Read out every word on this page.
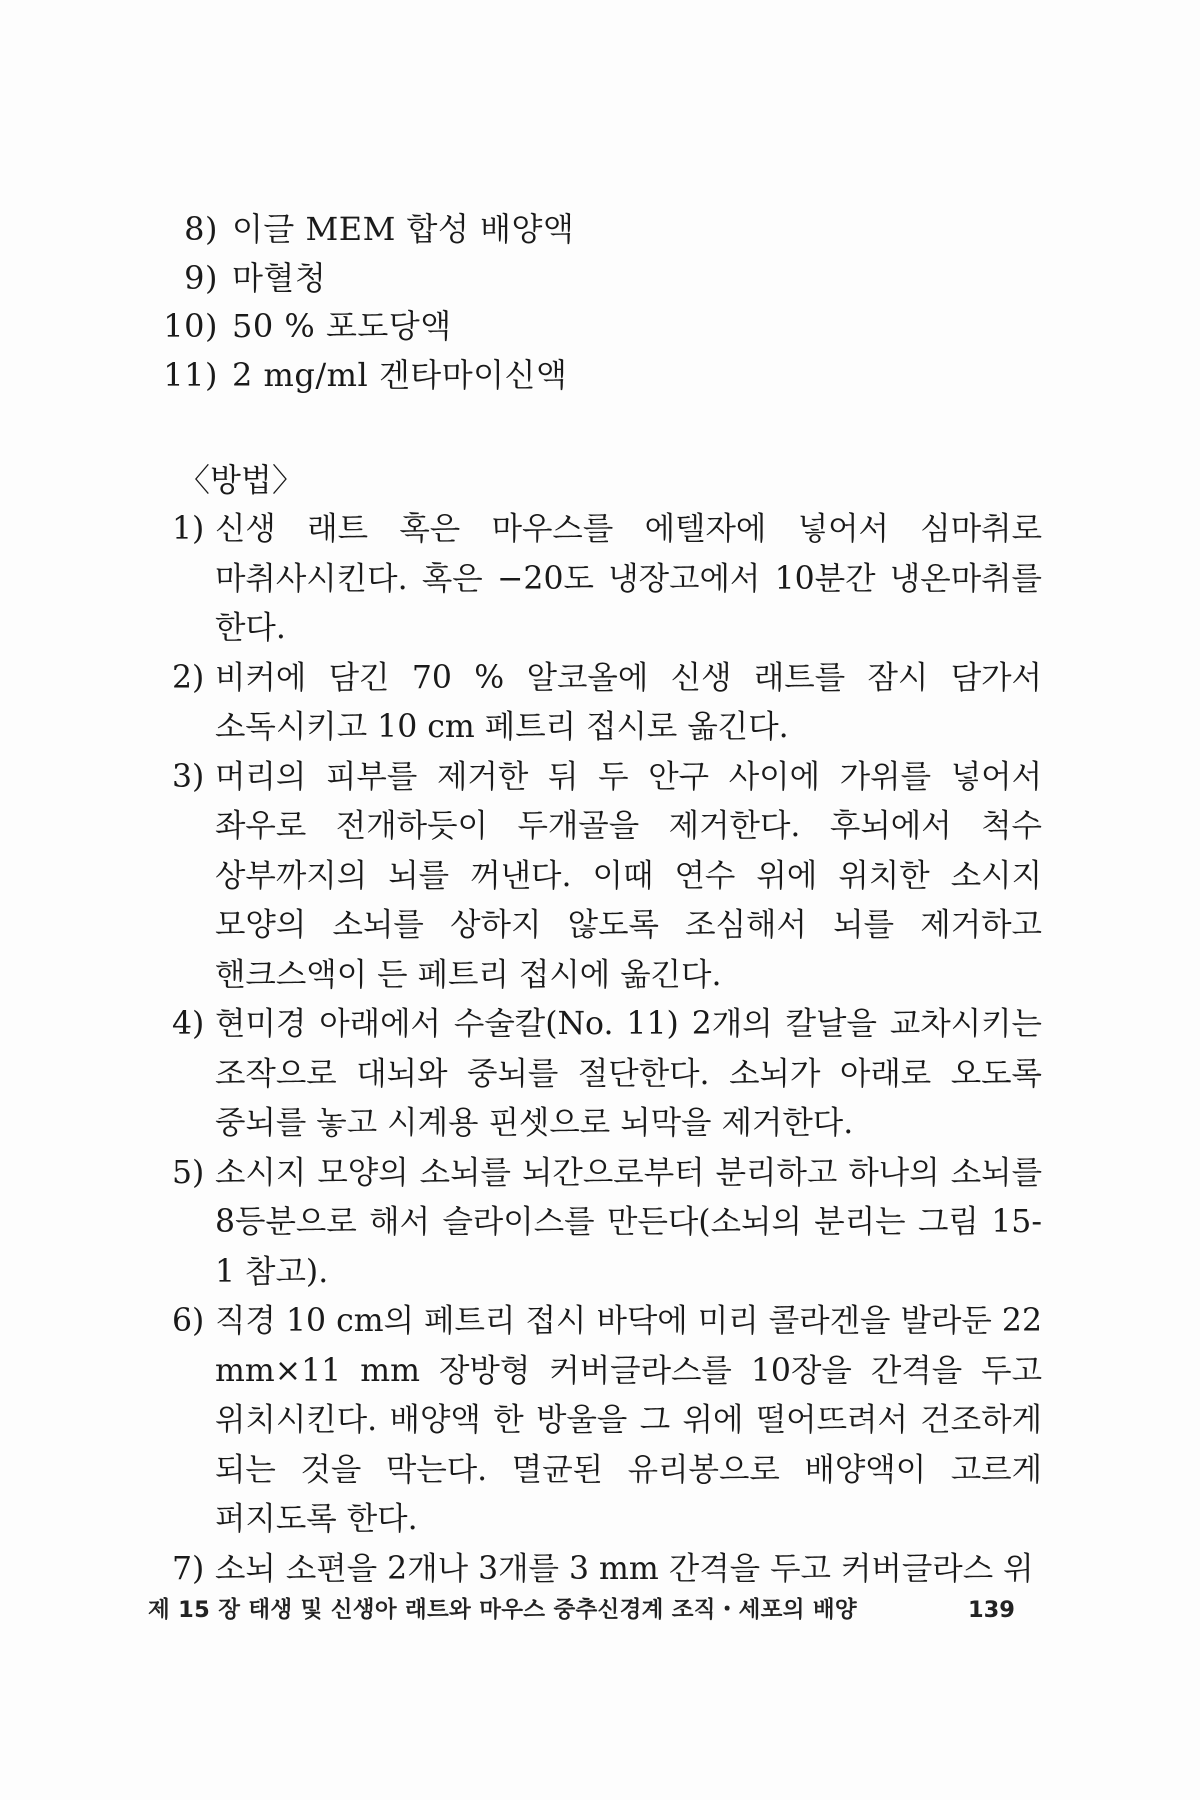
8) 이글 MEM 합성 배양액
9) 마혈청
10) 50 % 포도당액
11) 2 mg/ml 겐타마이신액
〈방법〉
1) 신생 래트 혹은 마우스를 에텔자에 넣어서 심마취로 마취사시킨다. 혹은 −20도 냉장고에서 10분간 냉온마취를 한다.
2) 비커에 담긴 70 % 알코올에 신생 래트를 잠시 담가서 소독시키고 10 cm 페트리 접시로 옮긴다.
3) 머리의 피부를 제거한 뒤 두 안구 사이에 가위를 넣어서 좌우로 전개하듯이 두개골을 제거한다. 후뇌에서 척수 상부까지의 뇌를 꺼낸다. 이때 연수 위에 위치한 소시지 모양의 소뇌를 상하지 않도록 조심해서 뇌를 제거하고 핸크스액이 든 페트리 접시에 옮긴다.
4) 현미경 아래에서 수술칼(No. 11) 2개의 칼날을 교차시키는 조작으로 대뇌와 중뇌를 절단한다. 소뇌가 아래로 오도록 중뇌를 놓고 시계용 핀셋으로 뇌막을 제거한다.
5) 소시지 모양의 소뇌를 뇌간으로부터 분리하고 하나의 소뇌를 8등분으로 해서 슬라이스를 만든다(소뇌의 분리는 그림 15-1 참고).
6) 직경 10 cm의 페트리 접시 바닥에 미리 콜라겐을 발라둔 22 mm×11 mm 장방형 커버글라스를 10장을 간격을 두고 위치시킨다. 배양액 한 방울을 그 위에 떨어뜨려서 건조하게 되는 것을 막는다. 멸균된 유리봉으로 배양액이 고르게 퍼지도록 한다.
7) 소뇌 소편을 2개나 3개를 3 mm 간격을 두고 커버글라스 위
제 15 장 태생 및 신생아 래트와 마우스 중추신경계 조직・세포의 배양	139
